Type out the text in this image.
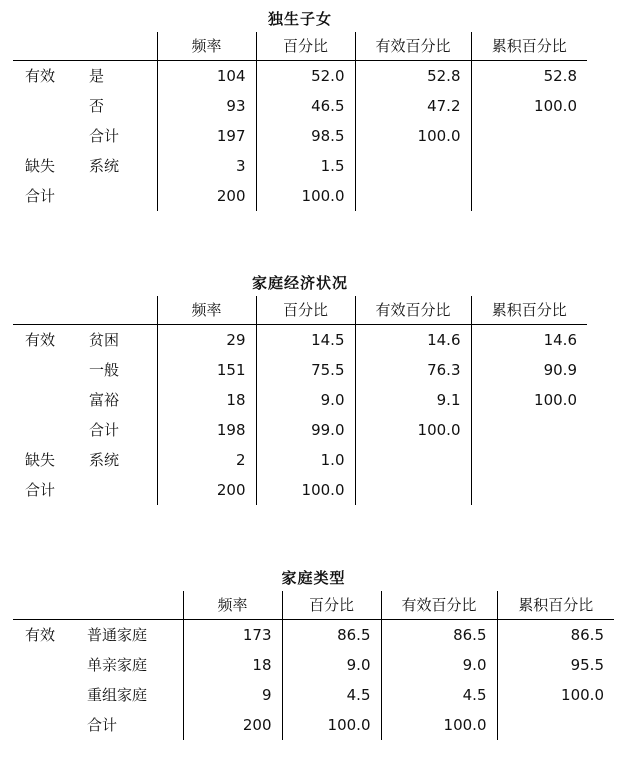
独生子女
		频率	百分比	有效百分比	累积百分比
有效	是	104	52.0	52.8	52.8
	否	93	46.5	47.2	100.0
	合计	197	98.5	100.0	
缺失	系统	3	1.5		
合计		200	100.0		
家庭经济状况
		频率	百分比	有效百分比	累积百分比
有效	贫困	29	14.5	14.6	14.6
	一般	151	75.5	76.3	90.9
	富裕	18	9.0	9.1	100.0
	合计	198	99.0	100.0	
缺失	系统	2	1.0		
合计		200	100.0		
家庭类型
		频率	百分比	有效百分比	累积百分比
有效	普通家庭	173	86.5	86.5	86.5
	单亲家庭	18	9.0	9.0	95.5
	重组家庭	9	4.5	4.5	100.0
	合计	200	100.0	100.0	
